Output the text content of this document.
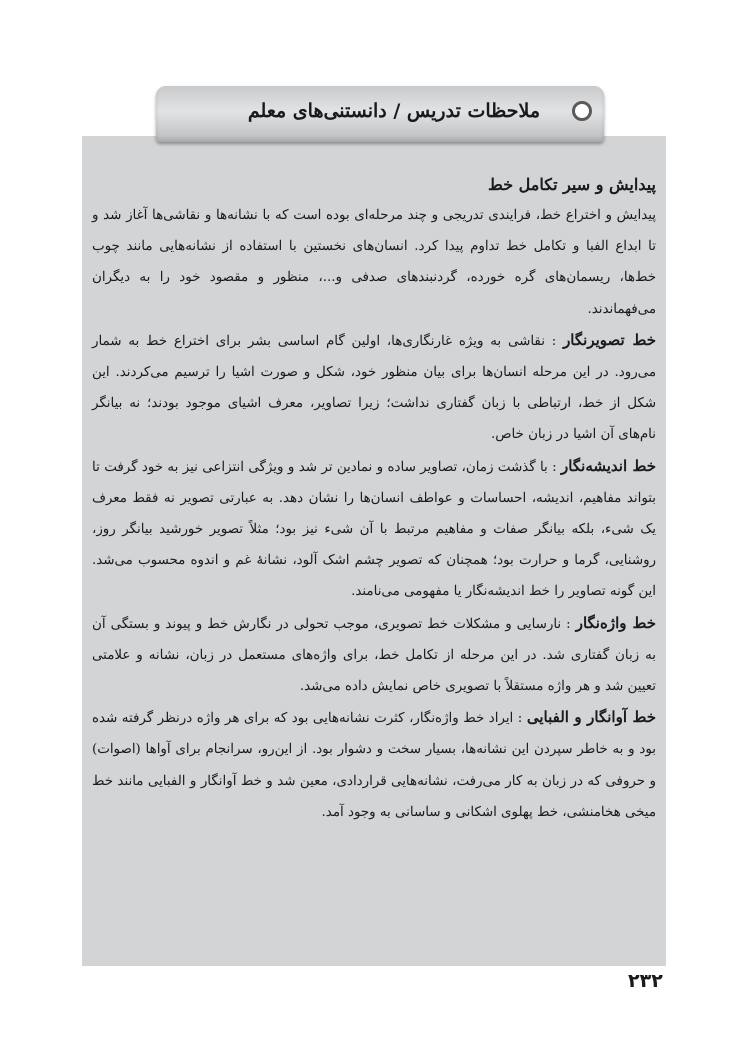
ملاحظات تدریس / دانستنی‌های معلم

پیدایش و سیر تکامل خط

پیدایش و اختراع خط، فرایندی تدریجی و چند مرحله‌ای بوده است که با نشانه‌ها و نقاشی‌ها آغاز شد و تا ابداع الفبا و تکامل خط تداوم پیدا کرد. انسان‌های نخستین با استفاده از نشانه‌هایی مانند چوب خط‌ها، ریسمان‌های گره خورده، گردنبندهای صدفی و...، منظور و مقصود خود را به دیگران می‌فهماندند.

خط تصویرنگار : نقاشی به ویژه غارنگاری‌ها، اولین گام اساسی بشر برای اختراع خط به شمار می‌رود. در این مرحله انسان‌ها برای بیان منظور خود، شکل و صورت اشیا را ترسیم می‌کردند. این شکل از خط، ارتباطی با زبان گفتاری نداشت؛ زیرا تصاویر، معرف اشیای موجود بودند؛ نه بیانگر نام‌های آن اشیا در زبان خاص.

خط اندیشه‌نگار : با گذشت زمان، تصاویر ساده و نمادین تر شد و ویژگی انتزاعی نیز به خود گرفت تا بتواند مفاهیم، اندیشه، احساسات و عواطف انسان‌ها را نشان دهد. به عبارتی تصویر نه فقط معرف یک شیء، بلکه بیانگر صفات و مفاهیم مرتبط با آن شیء نیز بود؛ مثلاً تصویر خورشید بیانگر روز، روشنایی، گرما و حرارت بود؛ همچنان که تصویر چشم اشک آلود، نشانهٔ غم و اندوه محسوب می‌شد. این گونه تصاویر را خط اندیشه‌نگار یا مفهومی می‌نامند.

خط واژه‌نگار : نارسایی و مشکلات خط تصویری، موجب تحولی در نگارش خط و پیوند و بستگی آن به زبان گفتاری شد. در این مرحله از تکامل خط، برای واژه‌های مستعمل در زبان، نشانه و علامتی تعیین شد و هر واژه مستقلاً با تصویری خاص نمایش داده می‌شد.

خط آوانگار و الفبایی : ایراد خط واژه‌نگار، کثرت نشانه‌هایی بود که برای هر واژه درنظر گرفته شده بود و به خاطر سپردن این نشانه‌ها، بسیار سخت و دشوار بود. از این‌رو، سرانجام برای آواها (اصوات) و حروفی که در زبان به کار می‌رفت، نشانه‌هایی قراردادی، معین شد و خط آوانگار و الفبایی مانند خط میخی هخامنشی، خط پهلوی اشکانی و ساسانی به وجود آمد.

۲۳۲
